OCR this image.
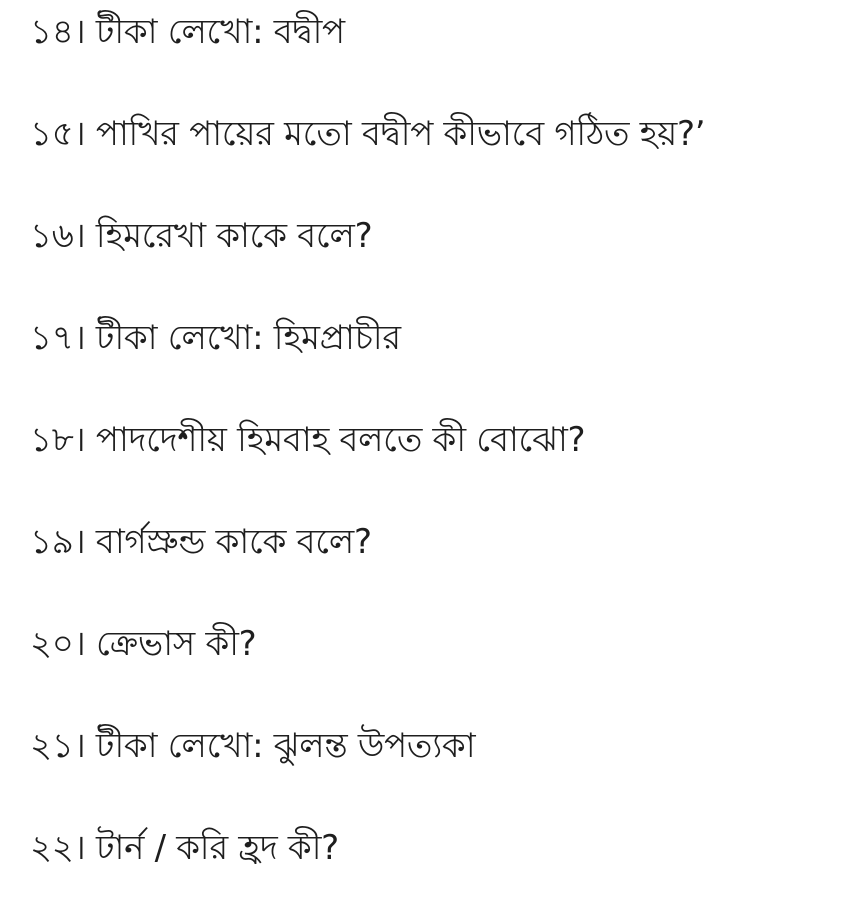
১৪। টীকা লেখো: বদ্বীপ
১৫। পাখির পায়ের মতো বদ্বীপ কীভাবে গঠিত হয়?’
১৬। হিমরেখা কাকে বলে?
১৭। টীকা লেখো: হিমপ্রাচীর
১৮। পাদদেশীয় হিমবাহ বলতে কী বোঝো?
১৯। বার্গস্রুন্ড কাকে বলে?
২০। ক্রেভাস কী?
২১। টীকা লেখো: ঝুলন্ত উপত্যকা
২২। টার্ন / করি হ্রদ কী?
